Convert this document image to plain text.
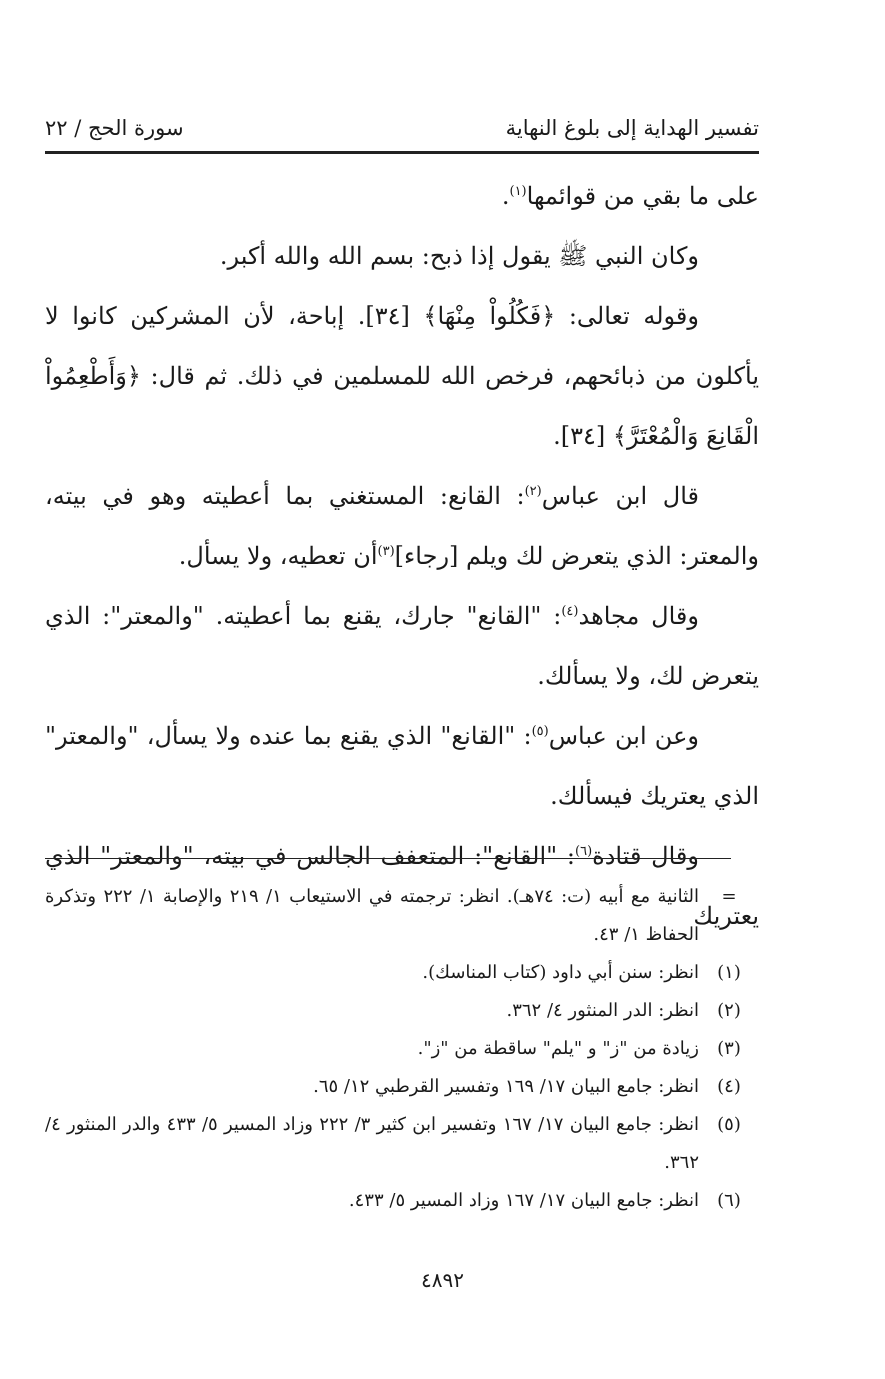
تفسير الهداية إلى بلوغ النهاية
سورة الحج / ٢٢

على ما بقي من قوائمها$^{(١)}$.

وكان النبي ﷺ يقول إذا ذبح: بسم الله والله أكبر.

وقوله تعالى: ﴿فَكُلُواْ مِنْهَا﴾ [٣٤]. إباحة، لأن المشركين كانوا لا يأكلون من ذبائحهم، فرخص الله للمسلمين في ذلك. ثم قال: ﴿وَأَطْعِمُواْ الْقَانِعَ وَالْمُعْتَرَّ﴾ [٣٤].

قال ابن عباس$^{(٢)}$: القانع: المستغني بما أعطيته وهو في بيته، والمعتر: الذي يتعرض لك ويلم [رجاء]$^{(٣)}$أن تعطيه، ولا يسأل.

وقال مجاهد$^{(٤)}$: "القانع" جارك، يقنع بما أعطيته. "والمعتر": الذي يتعرض لك، ولا يسألك.

وعن ابن عباس$^{(٥)}$: "القانع" الذي يقنع بما عنده ولا يسأل، "والمعتر" الذي يعتريك فيسألك.

وقال قتادة$^{(٦)}$: "القانع": المتعفف الجالس في بيته، "والمعتر" الذي يعتريك

=
الثانية مع أبيه (ت: ٧٤هـ). انظر: ترجمته في الاستيعاب ١/ ٢١٩ والإصابة ١/ ٢٢٢ وتذكرة الحفاظ ١/ ٤٣.
(١)
انظر: سنن أبي داود (كتاب المناسك).
(٢)
انظر: الدر المنثور ٤/ ٣٦٢.
(٣)
زيادة من "ز" و "يلم" ساقطة من "ز".
(٤)
انظر: جامع البيان ١٧/ ١٦٩ وتفسير القرطبي ١٢/ ٦٥.
(٥)
انظر: جامع البيان ١٧/ ١٦٧ وتفسير ابن كثير ٣/ ٢٢٢ وزاد المسير ٥/ ٤٣٣ والدر المنثور ٤/ ٣٦٢.
(٦)
انظر: جامع البيان ١٧/ ١٦٧ وزاد المسير ٥/ ٤٣٣.
٤٨٩٢
